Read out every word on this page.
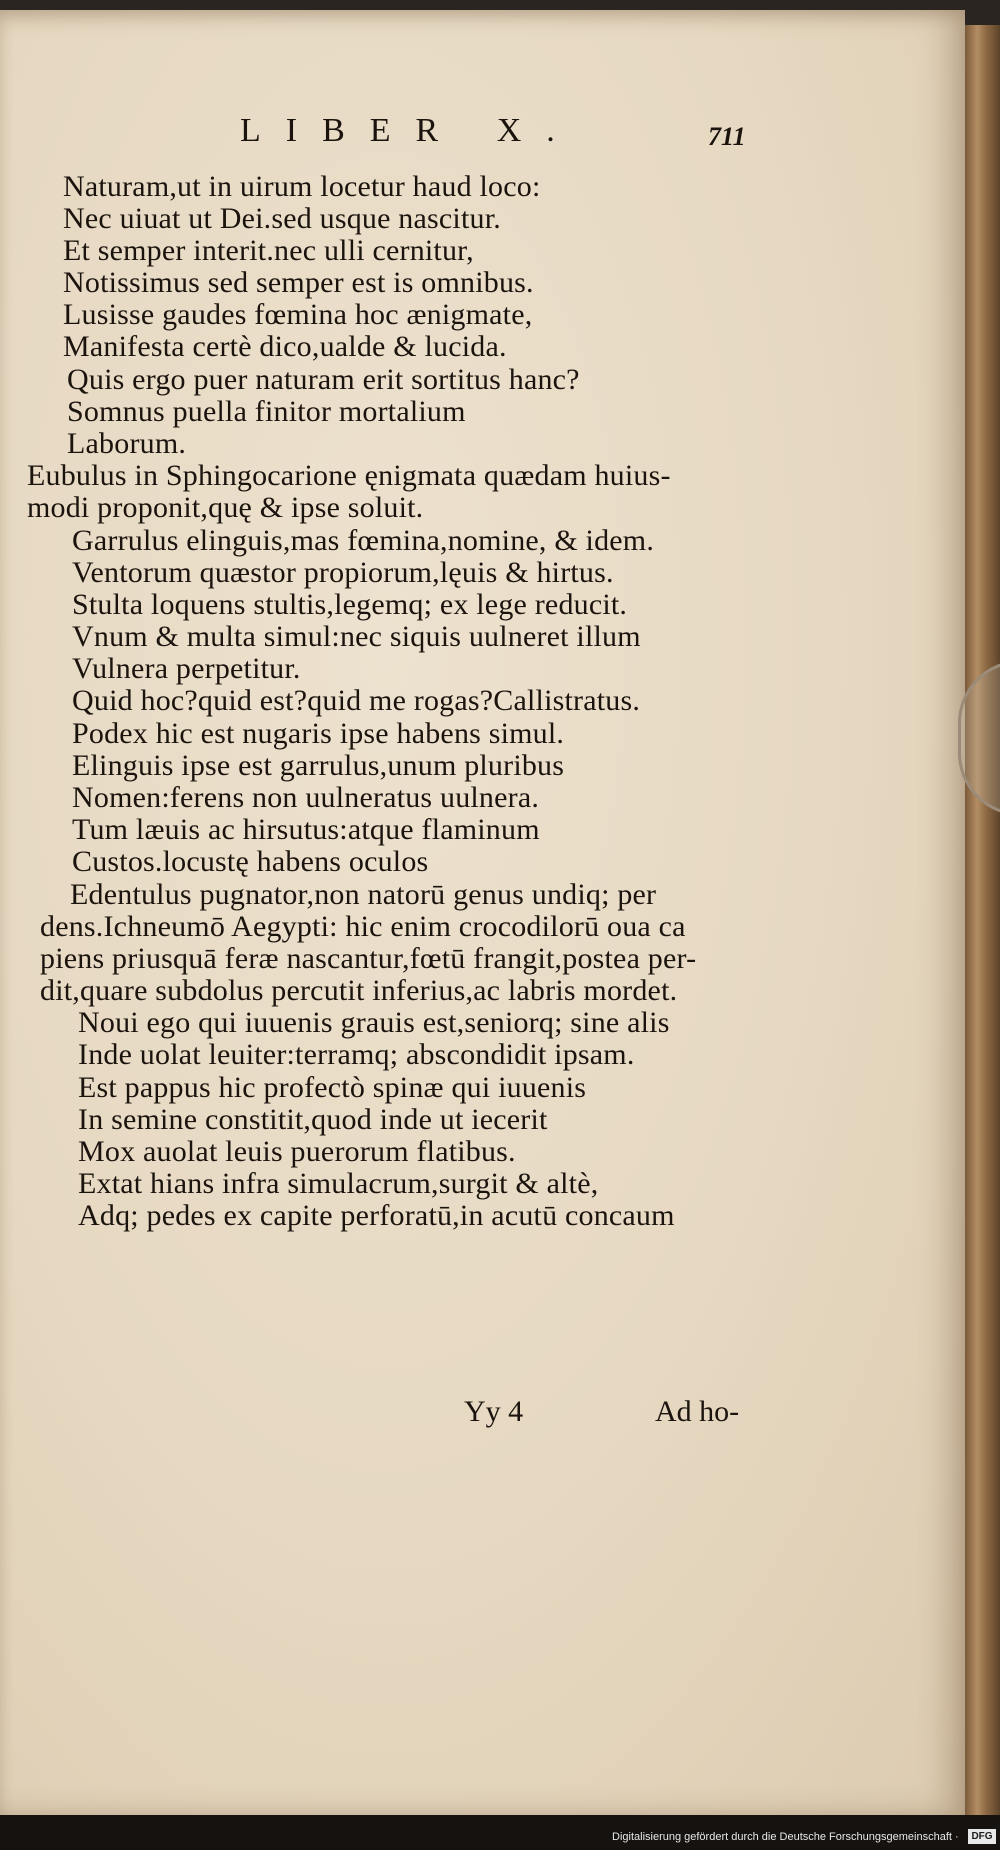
LIBER X.	711
Naturam,ut in uirum locetur haud loco:
Nec uiuat ut Dei.sed usque nascitur.
Et semper interit.nec ulli cernitur,
Notissimus sed semper est is omnibus.
Lusisse gaudes fœmina hoc ænigmate,
Manifesta certè dico,ualde & lucida.
Quis ergo puer naturam erit sortitus hanc?
Somnus puella finitor mortalium
Laborum.
Eubulus in Sphingocarione ęnigmata quædam huius-
modi proponit,quę & ipse soluit.
Garrulus elinguis,mas fœmina,nomine, & idem.
Ventorum quæstor propiorum,lęuis & hirtus.
Stulta loquens stultis,legemq; ex lege reducit.
Vnum & multa simul:nec siquis uulneret illum
Vulnera perpetitur.
Quid hoc?quid est?quid me rogas?Callistratus.
Podex hic est nugaris ipse habens simul.
Elinguis ipse est garrulus,unum pluribus
Nomen:ferens non uulneratus uulnera.
Tum læuis ac hirsutus:atque flaminum
Custos.locustę habens oculos
Edentulus pugnator,non natorū genus undiq; per
dens.Ichneumō Aegypti: hic enim crocodilorū oua ca
piens priusquā feræ nascantur,fœtū frangit,postea per-
dit,quare subdolus percutit inferius,ac labris mordet.
Noui ego qui iuuenis grauis est,seniorq; sine alis
Inde uolat leuiter:terramq; abscondidit ipsam.
Est pappus hic profectò spinæ qui iuuenis
In semine constitit,quod inde ut iecerit
Mox auolat leuis puerorum flatibus.
Extat hians infra simulacrum,surgit & altè,
Adq; pedes ex capite perforatū,in acutū concaum
Yy 4	Ad ho-
Digitalisierung gefördert durch die Deutsche Forschungsgemeinschaft ·	DFG
